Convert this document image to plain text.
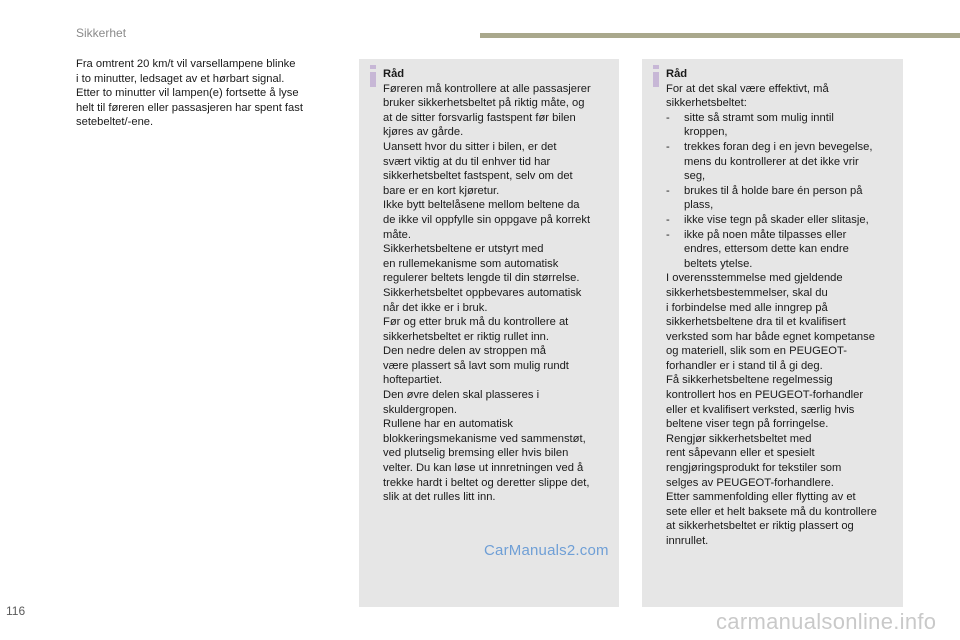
Sikkerhet
Fra omtrent 20 km/t vil varsellampene blinke
i to minutter, ledsaget av et hørbart signal.
Etter to minutter vil lampen(e) fortsette å lyse
helt til føreren eller passasjeren har spent fast
setebeltet/-ene.
Råd
Føreren må kontrollere at alle passasjerer
bruker sikkerhetsbeltet på riktig måte, og
at de sitter forsvarlig fastspent før bilen
kjøres av gårde.
Uansett hvor du sitter i bilen, er det
svært viktig at du til enhver tid har
sikkerhetsbeltet fastspent, selv om det
bare er en kort kjøretur.
Ikke bytt beltelåsene mellom beltene da
de ikke vil oppfylle sin oppgave på korrekt
måte.
Sikkerhetsbeltene er utstyrt med
en rullemekanisme som automatisk
regulerer beltets lengde til din størrelse.
Sikkerhetsbeltet oppbevares automatisk
når det ikke er i bruk.
Før og etter bruk må du kontrollere at
sikkerhetsbeltet er riktig rullet inn.
Den nedre delen av stroppen må
være plassert så lavt som mulig rundt
hoftepartiet.
Den øvre delen skal plasseres i
skuldergropen.
Rullene har en automatisk
blokkeringsmekanisme ved sammenstøt,
ved plutselig bremsing eller hvis bilen
velter. Du kan løse ut innretningen ved å
trekke hardt i beltet og deretter slippe det,
slik at det rulles litt inn.
Råd
For at det skal være effektivt, må
sikkerhetsbeltet:
- sitte så stramt som mulig inntil
kroppen,
- trekkes foran deg i en jevn bevegelse,
mens du kontrollerer at det ikke vrir
seg,
- brukes til å holde bare én person på
plass,
- ikke vise tegn på skader eller slitasje,
- ikke på noen måte tilpasses eller
endres, ettersom dette kan endre
beltets ytelse.
I overensstemmelse med gjeldende
sikkerhetsbestemmelser, skal du
i forbindelse med alle inngrep på
sikkerhetsbeltene dra til et kvalifisert
verksted som har både egnet kompetanse
og materiell, slik som en PEUGEOT-
forhandler er i stand til å gi deg.
Få sikkerhetsbeltene regelmessig
kontrollert hos en PEUGEOT-forhandler
eller et kvalifisert verksted, særlig hvis
beltene viser tegn på forringelse.
Rengjør sikkerhetsbeltet med
rent såpevann eller et spesielt
rengjøringsprodukt for tekstiler som
selges av PEUGEOT-forhandlere.
Etter sammenfolding eller flytting av et
sete eller et helt baksete må du kontrollere
at sikkerhetsbeltet er riktig plassert og
innrullet.
CarManuals2.com
116	carmanualsonline.info
